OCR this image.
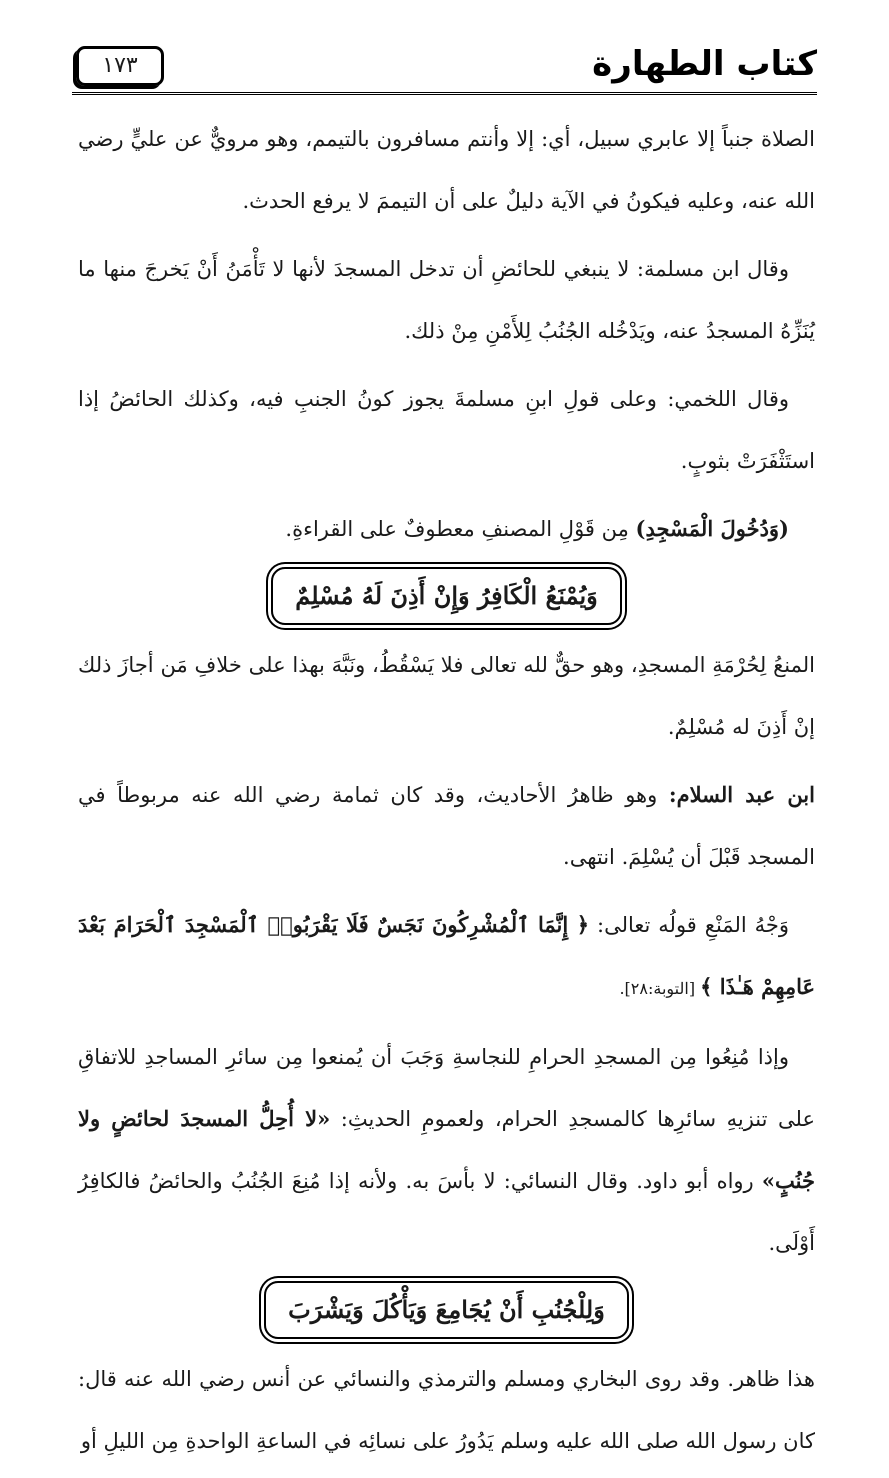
كتاب الطهارة
١٧٣

الصلاة جنباً إلا عابري سبيل، أي: إلا وأنتم مسافرون بالتيمم، وهو مرويٌّ عن عليٍّ رضي الله عنه، وعليه فيكونُ في الآية دليلٌ على أن التيممَ لا يرفع الحدث.

وقال ابن مسلمة: لا ينبغي للحائضِ أن تدخل المسجدَ لأنها لا تَأْمَنُ أَنْ يَخرجَ منها ما يُنَزِّهُ المسجدُ عنه، ويَدْخُله الجُنُبُ لِلأَمْنِ مِنْ ذلك.

وقال اللخمي: وعلى قولِ ابنِ مسلمةَ يجوز كونُ الجنبِ فيه، وكذلك الحائضُ إذا استَثْفَرَتْ بثوبٍ.

(وَدُخُولَ الْمَسْجِدِ) مِن قَوْلِ المصنفِ معطوفٌ على القراءةِ.

وَيُمْنَعُ الْكَافِرُ وَإِنْ أَذِنَ لَهُ مُسْلِمٌ

المنعُ لِحُرْمَةِ المسجدِ، وهو حقٌّ لله تعالى فلا يَسْقُطُ، ونَبَّهَ بهذا على خلافِ مَن أجازَ ذلك إنْ أَذِنَ له مُسْلِمٌ.

ابن عبد السلام: وهو ظاهرُ الأحاديث، وقد كان ثمامة رضي الله عنه مربوطاً في المسجد قَبْلَ أن يُسْلِمَ. انتهى.

وَجْهُ المَنْعِ قولُه تعالى: ﴿ إِنَّمَا ٱلْمُشْرِكُونَ نَجَسٌ فَلَا يَقْرَبُوا۟ ٱلْمَسْجِدَ ٱلْحَرَامَ بَعْدَ عَامِهِمْ هَـٰذَا ﴾ [التوبة:٢٨].

وإذا مُنِعُوا مِن المسجدِ الحرامِ للنجاسةِ وَجَبَ أن يُمنعوا مِن سائرِ المساجدِ للاتفاقِ على تنزيهِ سائرِها كالمسجدِ الحرام، ولعمومِ الحديثِ: «لا أُحِلُّ المسجدَ لحائضٍ ولا جُنُبٍ» رواه أبو داود. وقال النسائي: لا بأسَ به. ولأنه إذا مُنِعَ الجُنُبُ والحائضُ فالكافِرُ أَوْلَى.

وَلِلْجُنُبِ أَنْ يُجَامِعَ وَيَأْكُلَ وَيَشْرَبَ

هذا ظاهر. وقد روى البخاري ومسلم والترمذي والنسائي عن أنس رضي الله عنه قال: كان رسول الله صلى الله عليه وسلم يَدُورُ على نسائِه في الساعةِ الواحدةِ مِن الليلِ أو
